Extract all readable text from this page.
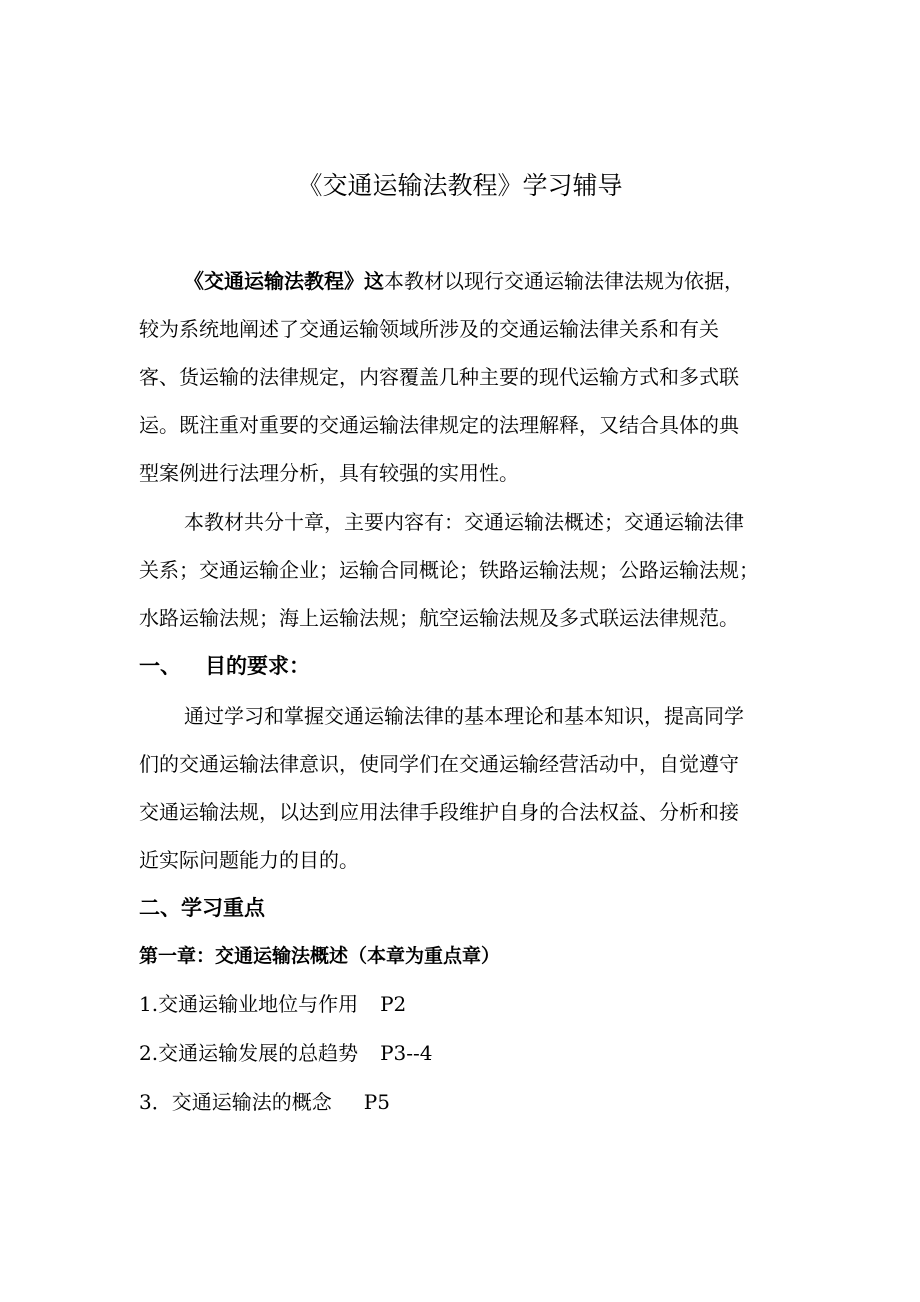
《交通运输法教程》学习辅导
《交通运输法教程》这本教材以现行交通运输法律法规为依据，
较为系统地阐述了交通运输领域所涉及的交通运输法律关系和有关
客、货运输的法律规定，内容覆盖几种主要的现代运输方式和多式联
运。既注重对重要的交通运输法律规定的法理解释，又结合具体的典
型案例进行法理分析，具有较强的实用性。
本教材共分十章，主要内容有：交通运输法概述；交通运输法律
关系；交通运输企业；运输合同概论；铁路运输法规；公路运输法规；
水路运输法规；海上运输法规；航空运输法规及多式联运法律规范。
一、 目的要求：
通过学习和掌握交通运输法律的基本理论和基本知识，提高同学
们的交通运输法律意识，使同学们在交通运输经营活动中，自觉遵守
交通运输法规，以达到应用法律手段维护自身的合法权益、分析和接
近实际问题能力的目的。
二、学习重点
第一章：交通运输法概述（本章为重点章）
1.交通运输业地位与作用 P2
2.交通运输发展的总趋势 P3--4
3．交通运输法的概念 P5
